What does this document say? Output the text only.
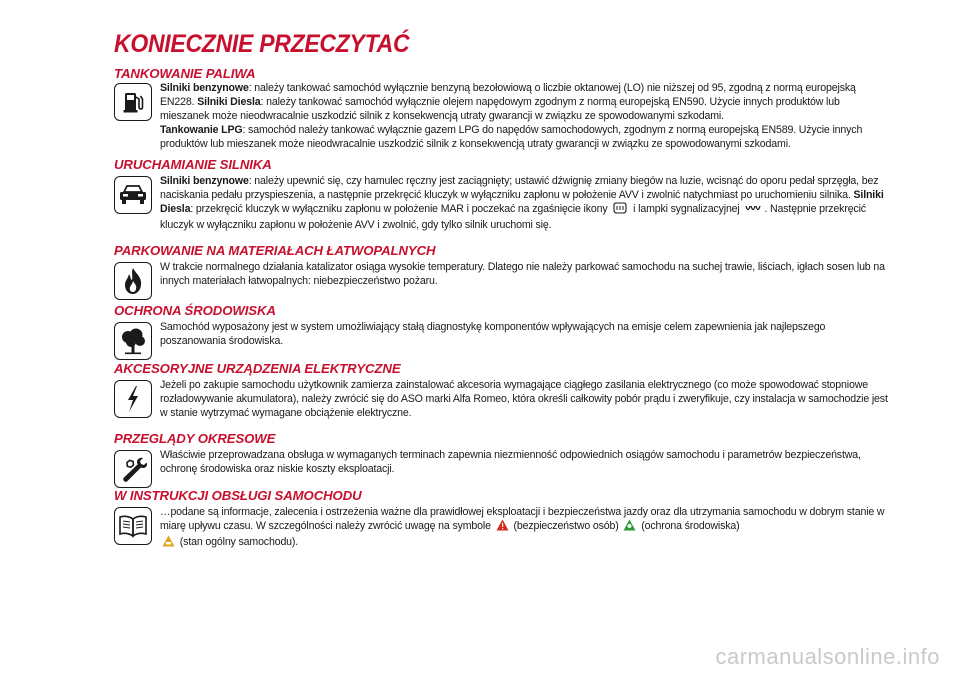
KONIECZNIE PRZECZYTAĆ
TANKOWANIE PALIWA
Silniki benzynowe: należy tankować samochód wyłącznie benzyną bezołowiową o liczbie oktanowej (LO) nie niższej od 95, zgodną z normą europejską EN228. Silniki Diesla: należy tankować samochód wyłącznie olejem napędowym zgodnym z normą europejską EN590. Użycie innych produktów lub mieszanek może nieodwracalnie uszkodzić silnik z konsekwencją utraty gwarancji w związku ze spowodowanymi szkodami.
Tankowanie LPG: samochód należy tankować wyłącznie gazem LPG do napędów samochodowych, zgodnym z normą europejską EN589. Użycie innych produktów lub mieszanek może nieodwracalnie uszkodzić silnik z konsekwencją utraty gwarancji w związku ze spowodowanymi szkodami.
URUCHAMIANIE SILNIKA
Silniki benzynowe: należy upewnić się, czy hamulec ręczny jest zaciągnięty; ustawić dźwignię zmiany biegów na luzie, wcisnąć do oporu pedał sprzęgła, bez naciskania pedału przyspieszenia, a następnie przekręcić kluczyk w wyłączniku zapłonu w położenie AVV i zwolnić natychmiast po uruchomieniu silnika. Silniki Diesla: przekręcić kluczyk w wyłączniku zapłonu w położenie MAR i poczekać na zgaśnięcie ikony i lampki sygnalizacyjnej . Następnie przekręcić kluczyk w wyłączniku zapłonu w położenie AVV i zwolnić, gdy tylko silnik uruchomi się.
PARKOWANIE NA MATERIAŁACH ŁATWOPALNYCH
W trakcie normalnego działania katalizator osiąga wysokie temperatury. Dlatego nie należy parkować samochodu na suchej trawie, liściach, igłach sosen lub na innych materiałach łatwopalnych: niebezpieczeństwo pożaru.
OCHRONA ŚRODOWISKA
Samochód wyposażony jest w system umożliwiający stałą diagnostykę komponentów wpływających na emisje celem zapewnienia jak najlepszego poszanowania środowiska.
AKCESORYJNE URZĄDZENIA ELEKTRYCZNE
Jeżeli po zakupie samochodu użytkownik zamierza zainstalować akcesoria wymagające ciągłego zasilania elektrycznego (co może spowodować stopniowe rozładowywanie akumulatora), należy zwrócić się do ASO marki Alfa Romeo, która określi całkowity pobór prądu i zweryfikuje, czy instalacja w samochodzie jest w stanie wytrzymać wymagane obciążenie elektryczne.
PRZEGLĄDY OKRESOWE
Właściwie przeprowadzana obsługa w wymaganych terminach zapewnia niezmienność odpowiednich osiągów samochodu i parametrów bezpieczeństwa, ochronę środowiska oraz niskie koszty eksploatacji.
W INSTRUKCJI OBSŁUGI SAMOCHODU
…podane są informacje, zalecenia i ostrzeżenia ważne dla prawidłowej eksploatacji i bezpieczeństwa jazdy oraz dla utrzymania samochodu w dobrym stanie w miarę upływu czasu. W szczególności należy zwrócić uwagę na symbole (bezpieczeństwo osób) (ochrona środowiska)
(stan ogólny samochodu).
carmanualsonline.info
